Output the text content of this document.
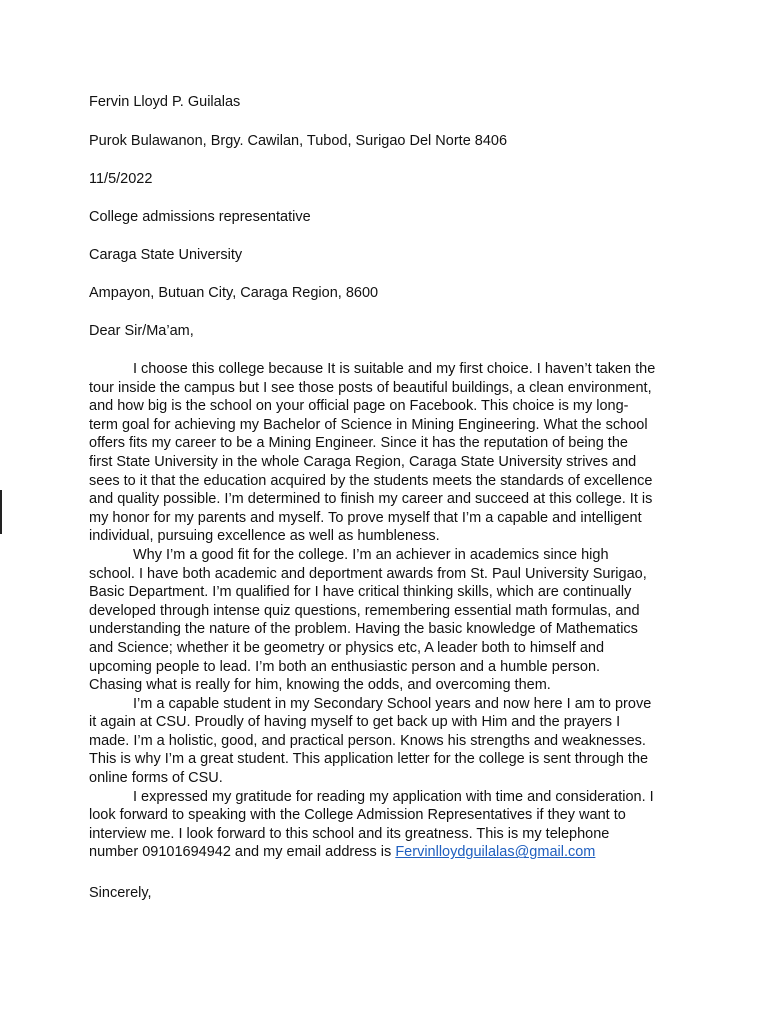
Fervin Lloyd P. Guilalas
Purok Bulawanon, Brgy. Cawilan, Tubod, Surigao Del Norte 8406
11/5/2022
College admissions representative
Caraga State University
Ampayon, Butuan City, Caraga Region, 8600
Dear Sir/Ma’am,
I choose this college because It is suitable and my first choice. I haven’t taken the
tour inside the campus but I see those posts of beautiful buildings, a clean environment,
and how big is the school on your official page on Facebook. This choice is my long-
term goal for achieving my Bachelor of Science in Mining Engineering. What the school
offers fits my career to be a Mining Engineer. Since it has the reputation of being the
first State University in the whole Caraga Region, Caraga State University strives and
sees to it that the education acquired by the students meets the standards of excellence
and quality possible. I’m determined to finish my career and succeed at this college. It is
my honor for my parents and myself. To prove myself that I’m a capable and intelligent
individual, pursuing excellence as well as humbleness.
Why I’m a good fit for the college. I’m an achiever in academics since high
school. I have both academic and deportment awards from St. Paul University Surigao,
Basic Department. I’m qualified for I have critical thinking skills, which are continually
developed through intense quiz questions, remembering essential math formulas, and
understanding the nature of the problem. Having the basic knowledge of Mathematics
and Science; whether it be geometry or physics etc, A leader both to himself and
upcoming people to lead. I’m both an enthusiastic person and a humble person.
Chasing what is really for him, knowing the odds, and overcoming them.
I’m a capable student in my Secondary School years and now here I am to prove
it again at CSU. Proudly of having myself to get back up with Him and the prayers I
made. I’m a holistic, good, and practical person. Knows his strengths and weaknesses.
This is why I’m a great student. This application letter for the college is sent through the
online forms of CSU.
I expressed my gratitude for reading my application with time and consideration. I
look forward to speaking with the College Admission Representatives if they want to
interview me. I look forward to this school and its greatness. This is my telephone
number 09101694942 and my email address is Fervinlloydguilalas@gmail.com
Sincerely,
